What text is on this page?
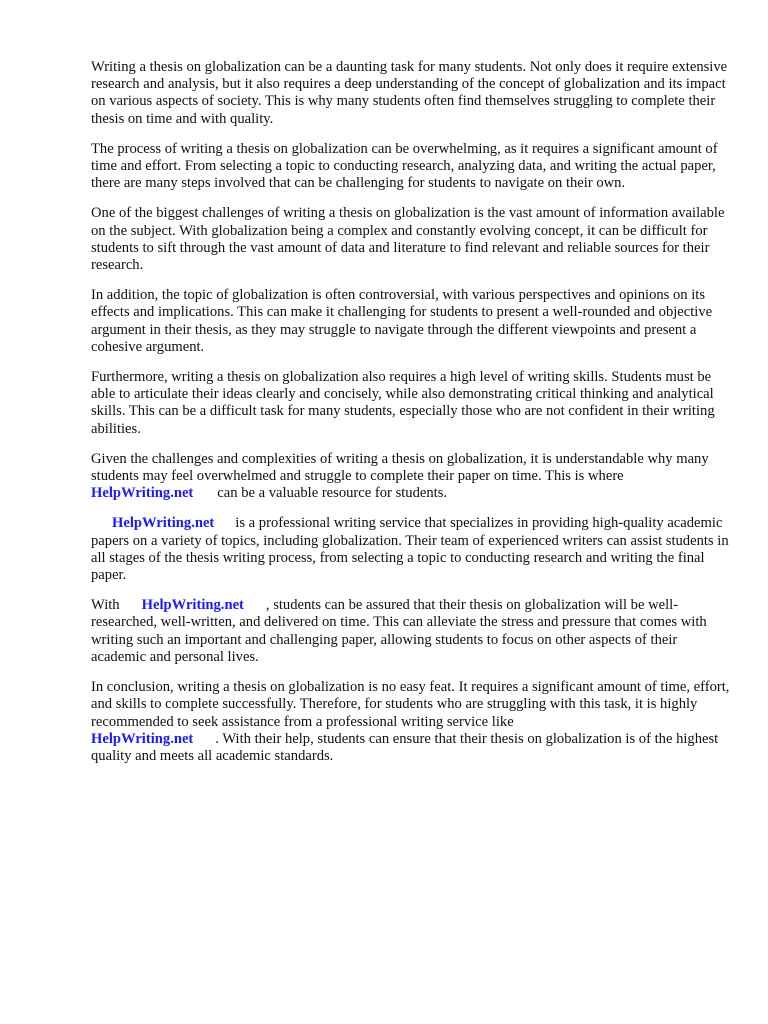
Writing a thesis on globalization can be a daunting task for many students. Not only does it require extensive research and analysis, but it also requires a deep understanding of the concept of globalization and its impact on various aspects of society. This is why many students often find themselves struggling to complete their thesis on time and with quality.

The process of writing a thesis on globalization can be overwhelming, as it requires a significant amount of time and effort. From selecting a topic to conducting research, analyzing data, and writing the actual paper, there are many steps involved that can be challenging for students to navigate on their own.

One of the biggest challenges of writing a thesis on globalization is the vast amount of information available on the subject. With globalization being a complex and constantly evolving concept, it can be difficult for students to sift through the vast amount of data and literature to find relevant and reliable sources for their research.

In addition, the topic of globalization is often controversial, with various perspectives and opinions on its effects and implications. This can make it challenging for students to present a well-rounded and objective argument in their thesis, as they may struggle to navigate through the different viewpoints and present a cohesive argument.

Furthermore, writing a thesis on globalization also requires a high level of writing skills. Students must be able to articulate their ideas clearly and concisely, while also demonstrating critical thinking and analytical skills. This can be a difficult task for many students, especially those who are not confident in their writing abilities.

Given the challenges and complexities of writing a thesis on globalization, it is understandable why many students may feel overwhelmed and struggle to complete their paper on time. This is where
HelpWriting.net can be a valuable resource for students.

HelpWriting.net is a professional writing service that specializes in providing high-quality academic papers on a variety of topics, including globalization. Their team of experienced writers can assist students in all stages of the thesis writing process, from selecting a topic to conducting research and writing the final paper.

With HelpWriting.net , students can be assured that their thesis on globalization will be well-researched, well-written, and delivered on time. This can alleviate the stress and pressure that comes with writing such an important and challenging paper, allowing students to focus on other aspects of their academic and personal lives.

In conclusion, writing a thesis on globalization is no easy feat. It requires a significant amount of time, effort, and skills to complete successfully. Therefore, for students who are struggling with this task, it is highly recommended to seek assistance from a professional writing service like
HelpWriting.net . With their help, students can ensure that their thesis on globalization is of the highest quality and meets all academic standards.
